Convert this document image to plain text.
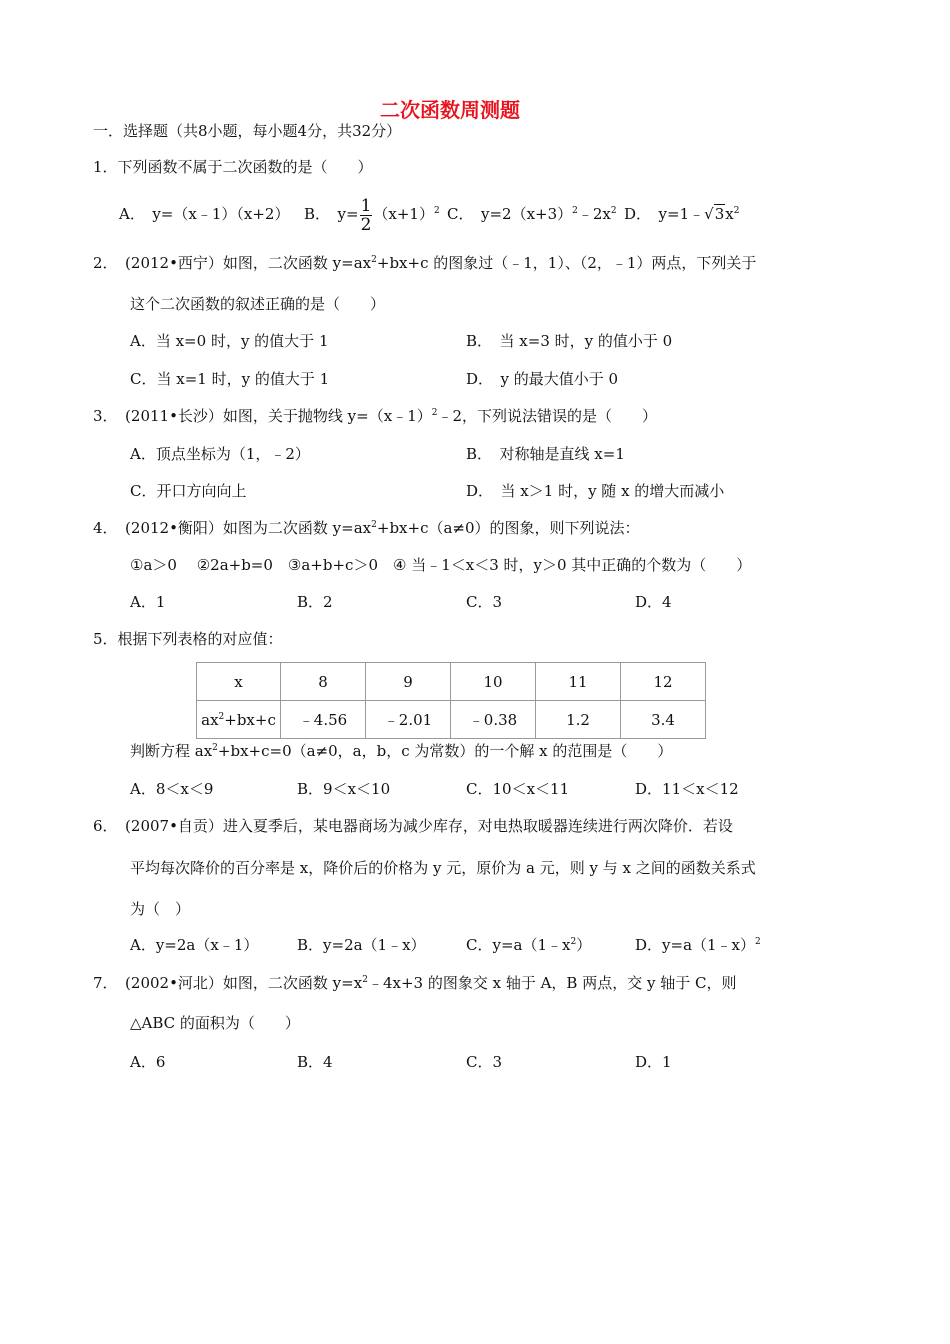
二次函数周测题
一．选择题（共8小题，每小题4分，共32分）
1．下列函数不属于二次函数的是（　　）
A．　y=（x﹣1）（x+2） B．　$y= \frac{1}{2} (x+1)^2$ C．　$y=2(x+3)^2﹣2x^2$ D．　$y=1﹣√3x^2$
2．　(2012•西宁）如图，二次函数 $y=ax^2+bx+c$ 的图象过（﹣1，1）、（2，﹣1）两点，下列关于
这个二次函数的叙述正确的是（　　）
A．当 x=0 时，y 的值大于 1	B．　当 x=3 时，y 的值小于 0
C．当 x=1 时，y 的值大于 1	D．　y 的最大值小于 0
3．　(2011•长沙）如图，关于抛物线 y=（x﹣1）$^2$﹣2，下列说法错误的是（　　）
A．顶点坐标为（1，﹣2）	B．　对称轴是直线 x=1
C．开口方向向上	D．　当 x＞1 时，y 随 x 的增大而减小
4．　(2012•衡阳）如图为二次函数 $y=ax^2+bx+c(a\ne 0)$的图象，则下列说法：
①a＞0　 ②2a+b=0　③a+b+c＞0　④ 当﹣1＜x＜3 时，y＞0 其中正确的个数为（　　）
A．1	B．2	C．3	D．4
5．根据下列表格的对应值：
x	8	9	10	11	12
$ax^2+bx+c$	﹣4.56	﹣2.01	﹣0.38	1.2	3.4
判断方程 $ax^2+bx+c=0(a\ne 0$，a，b，c 为常数）的一个解 x 的范围是（　　）
A．8＜x＜9	B．9＜x＜10	C．10＜x＜11	D．11＜x＜12
6．　(2007•自贡）进入夏季后，某电器商场为减少库存，对电热取暖器连续进行两次降价．若设
平均每次降价的百分率是 x，降价后的价格为 y 元，原价为 a 元，则 y 与 x 之间的函数关系式
为（　）
A．y=2a（x﹣1）	B．y=2a（1﹣x）	C．$y=a(1﹣x^2)$	D．y=a（1﹣x）$^2$
7．　(2002•河北）如图，二次函数 $y=x^2﹣4x+3$ 的图象交 x 轴于 A，B 两点，交 y 轴于 C，则
△ABC 的面积为（　　）
A．6	B．4	C．3	D．1
